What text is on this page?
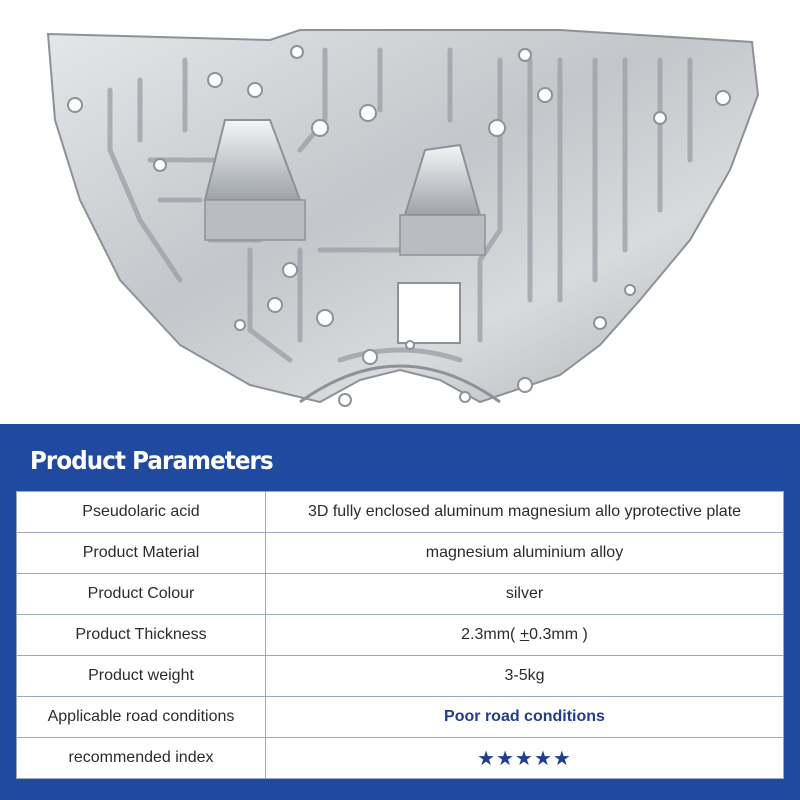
Product Parameters
Pseudolaric acid	3D fully enclosed aluminum magnesium allo yprotective plate
Product Material	magnesium aluminium alloy
Product Colour	silver
Product Thickness	2.3mm( +0.3mm )
Product weight	3-5kg
Applicable road conditions	Poor road conditions
recommended index	★★★★★
